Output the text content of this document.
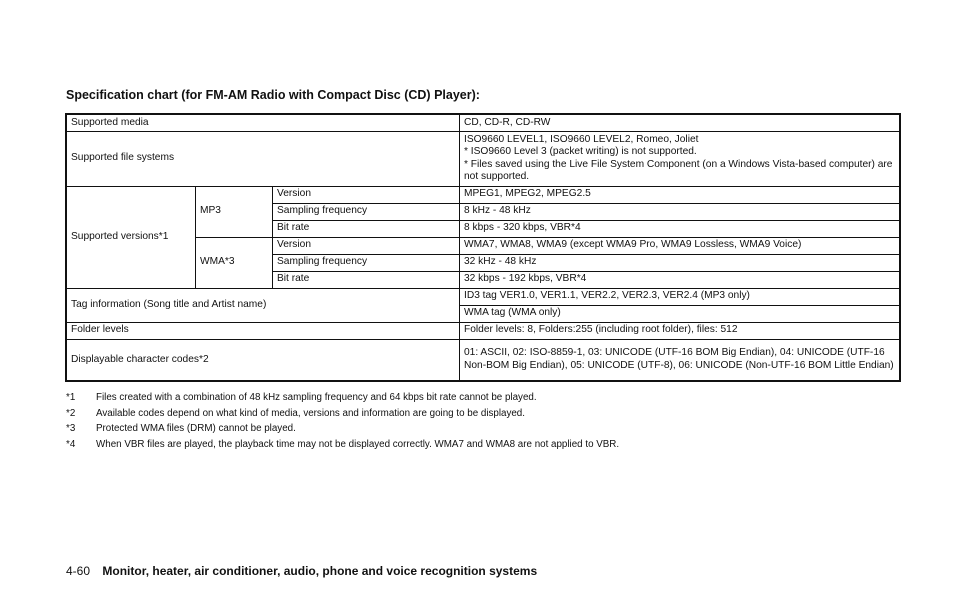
Specification chart (for FM-AM Radio with Compact Disc (CD) Player):
Supported media			CD, CD-R, CD-RW
Supported file systems			ISO9660 LEVEL1, ISO9660 LEVEL2, Romeo, Joliet
* ISO9660 Level 3 (packet writing) is not supported.
* Files saved using the Live File System Component (on a Windows Vista-based computer) are not supported.

Supported versions*1	MP3	Version	MPEG1, MPEG2, MPEG2.5
		Sampling frequency	8 kHz - 48 kHz
		Bit rate	8 kbps - 320 kbps, VBR*4
	WMA*3	Version	WMA7, WMA8, WMA9 (except WMA9 Pro, WMA9 Lossless, WMA9 Voice)
		Sampling frequency	32 kHz - 48 kHz
		Bit rate	32 kbps - 192 kbps, VBR*4
Tag information (Song title and Artist name)			ID3 tag VER1.0, VER1.1, VER2.2, VER2.3, VER2.4 (MP3 only)
			WMA tag (WMA only)
Folder levels			Folder levels: 8, Folders:255 (including root folder), files: 512
Displayable character codes*2			01: ASCII, 02: ISO-8859-1, 03: UNICODE (UTF-16 BOM Big Endian), 04: UNICODE (UTF-16 Non-BOM Big Endian), 05: UNICODE (UTF-8), 06: UNICODE (Non-UTF-16 BOM Little Endian)
*1	Files created with a combination of 48 kHz sampling frequency and 64 kbps bit rate cannot be played.
*2	Available codes depend on what kind of media, versions and information are going to be displayed.
*3	Protected WMA files (DRM) cannot be played.
*4	When VBR files are played, the playback time may not be displayed correctly. WMA7 and WMA8 are not applied to VBR.
4-60 Monitor, heater, air conditioner, audio, phone and voice recognition systems
